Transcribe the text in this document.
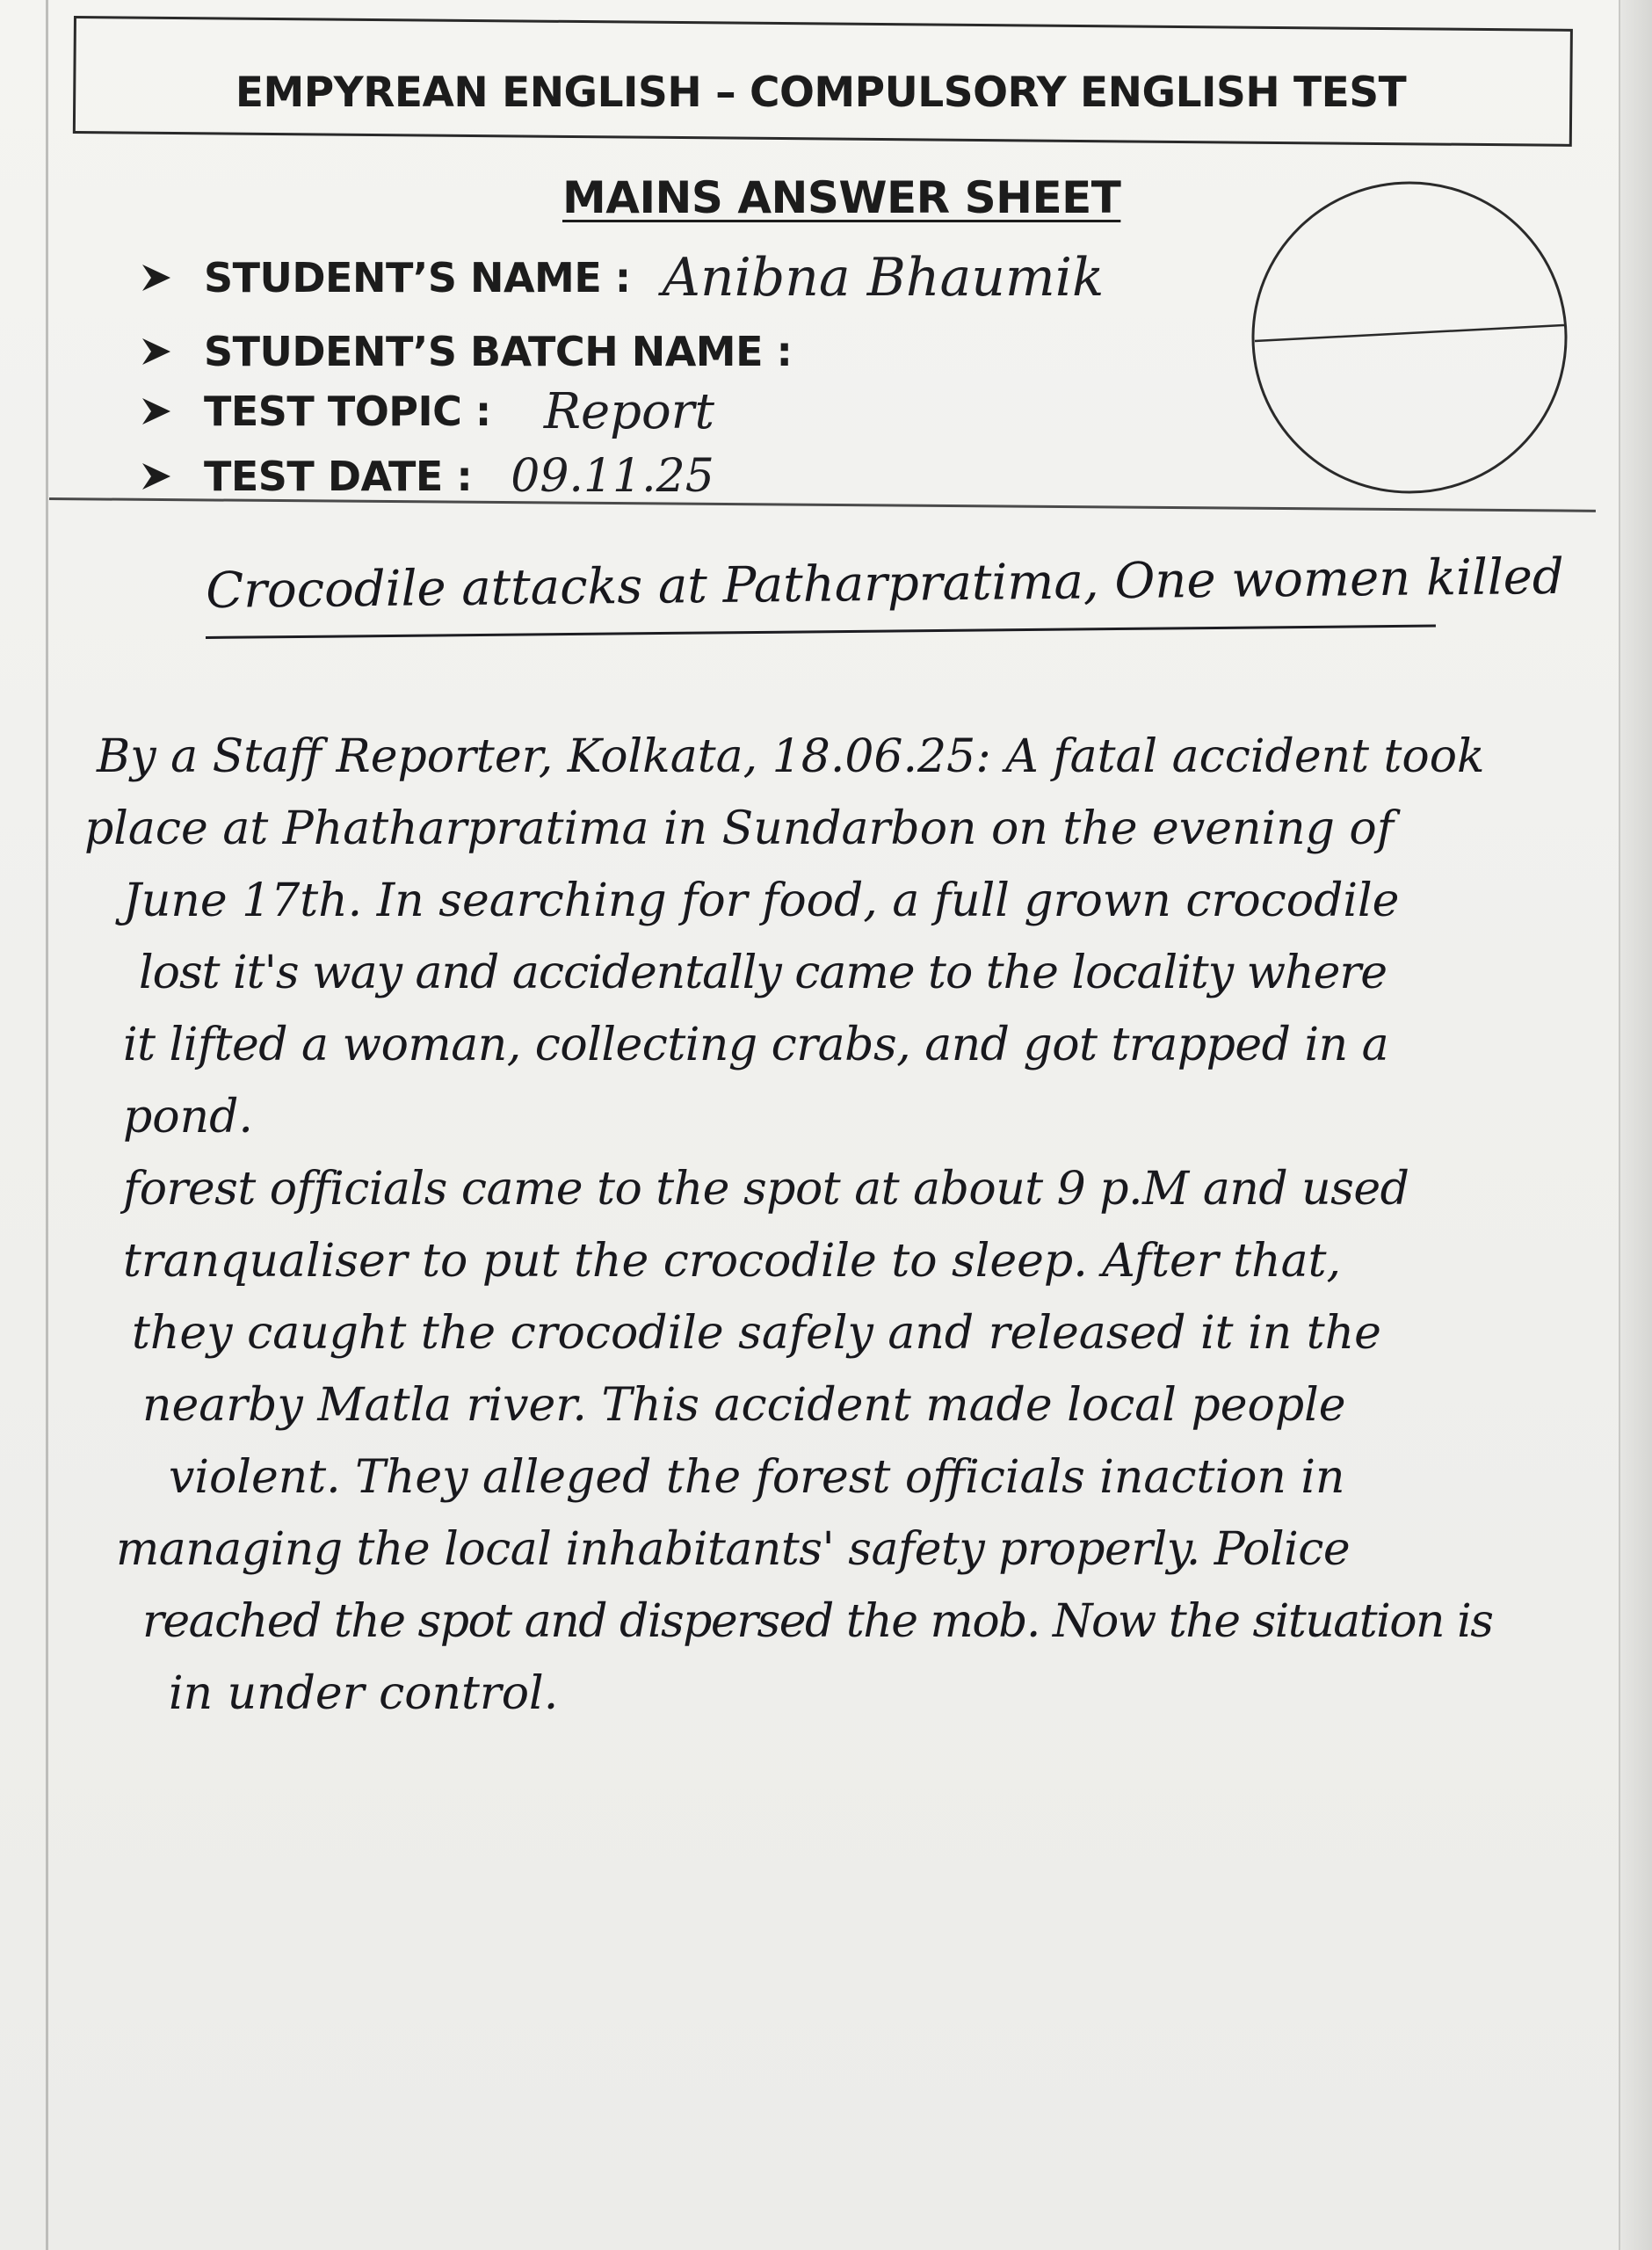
EMPYREAN ENGLISH – COMPULSORY ENGLISH TEST
MAINS ANSWER SHEET
STUDENT’S NAME : Anibna Bhaumik
STUDENT’S BATCH NAME :
TEST TOPIC : Report
TEST DATE : 09.11.25
Crocodile attacks at Patharpratima, One women killed
By a Staff Reporter, Kolkata, 18.06.25: A fatal accident took
place at Phatharpratima in Sundarbon on the evening of
June 17th. In searching for food, a full grown crocodile
lost it's way and accidentally came to the locality where
it lifted a woman, collecting crabs, and got trapped in a
pond.
forest officials came to the spot at about 9 p.M and used
tranqualiser to put the crocodile to sleep. After that,
they caught the crocodile safely and released it in the
nearby Matla river. This accident made local people
violent. They alleged the forest officials inaction in
managing the local inhabitants' safety properly. Police
reached the spot and dispersed the mob. Now the situation is
in under control.
